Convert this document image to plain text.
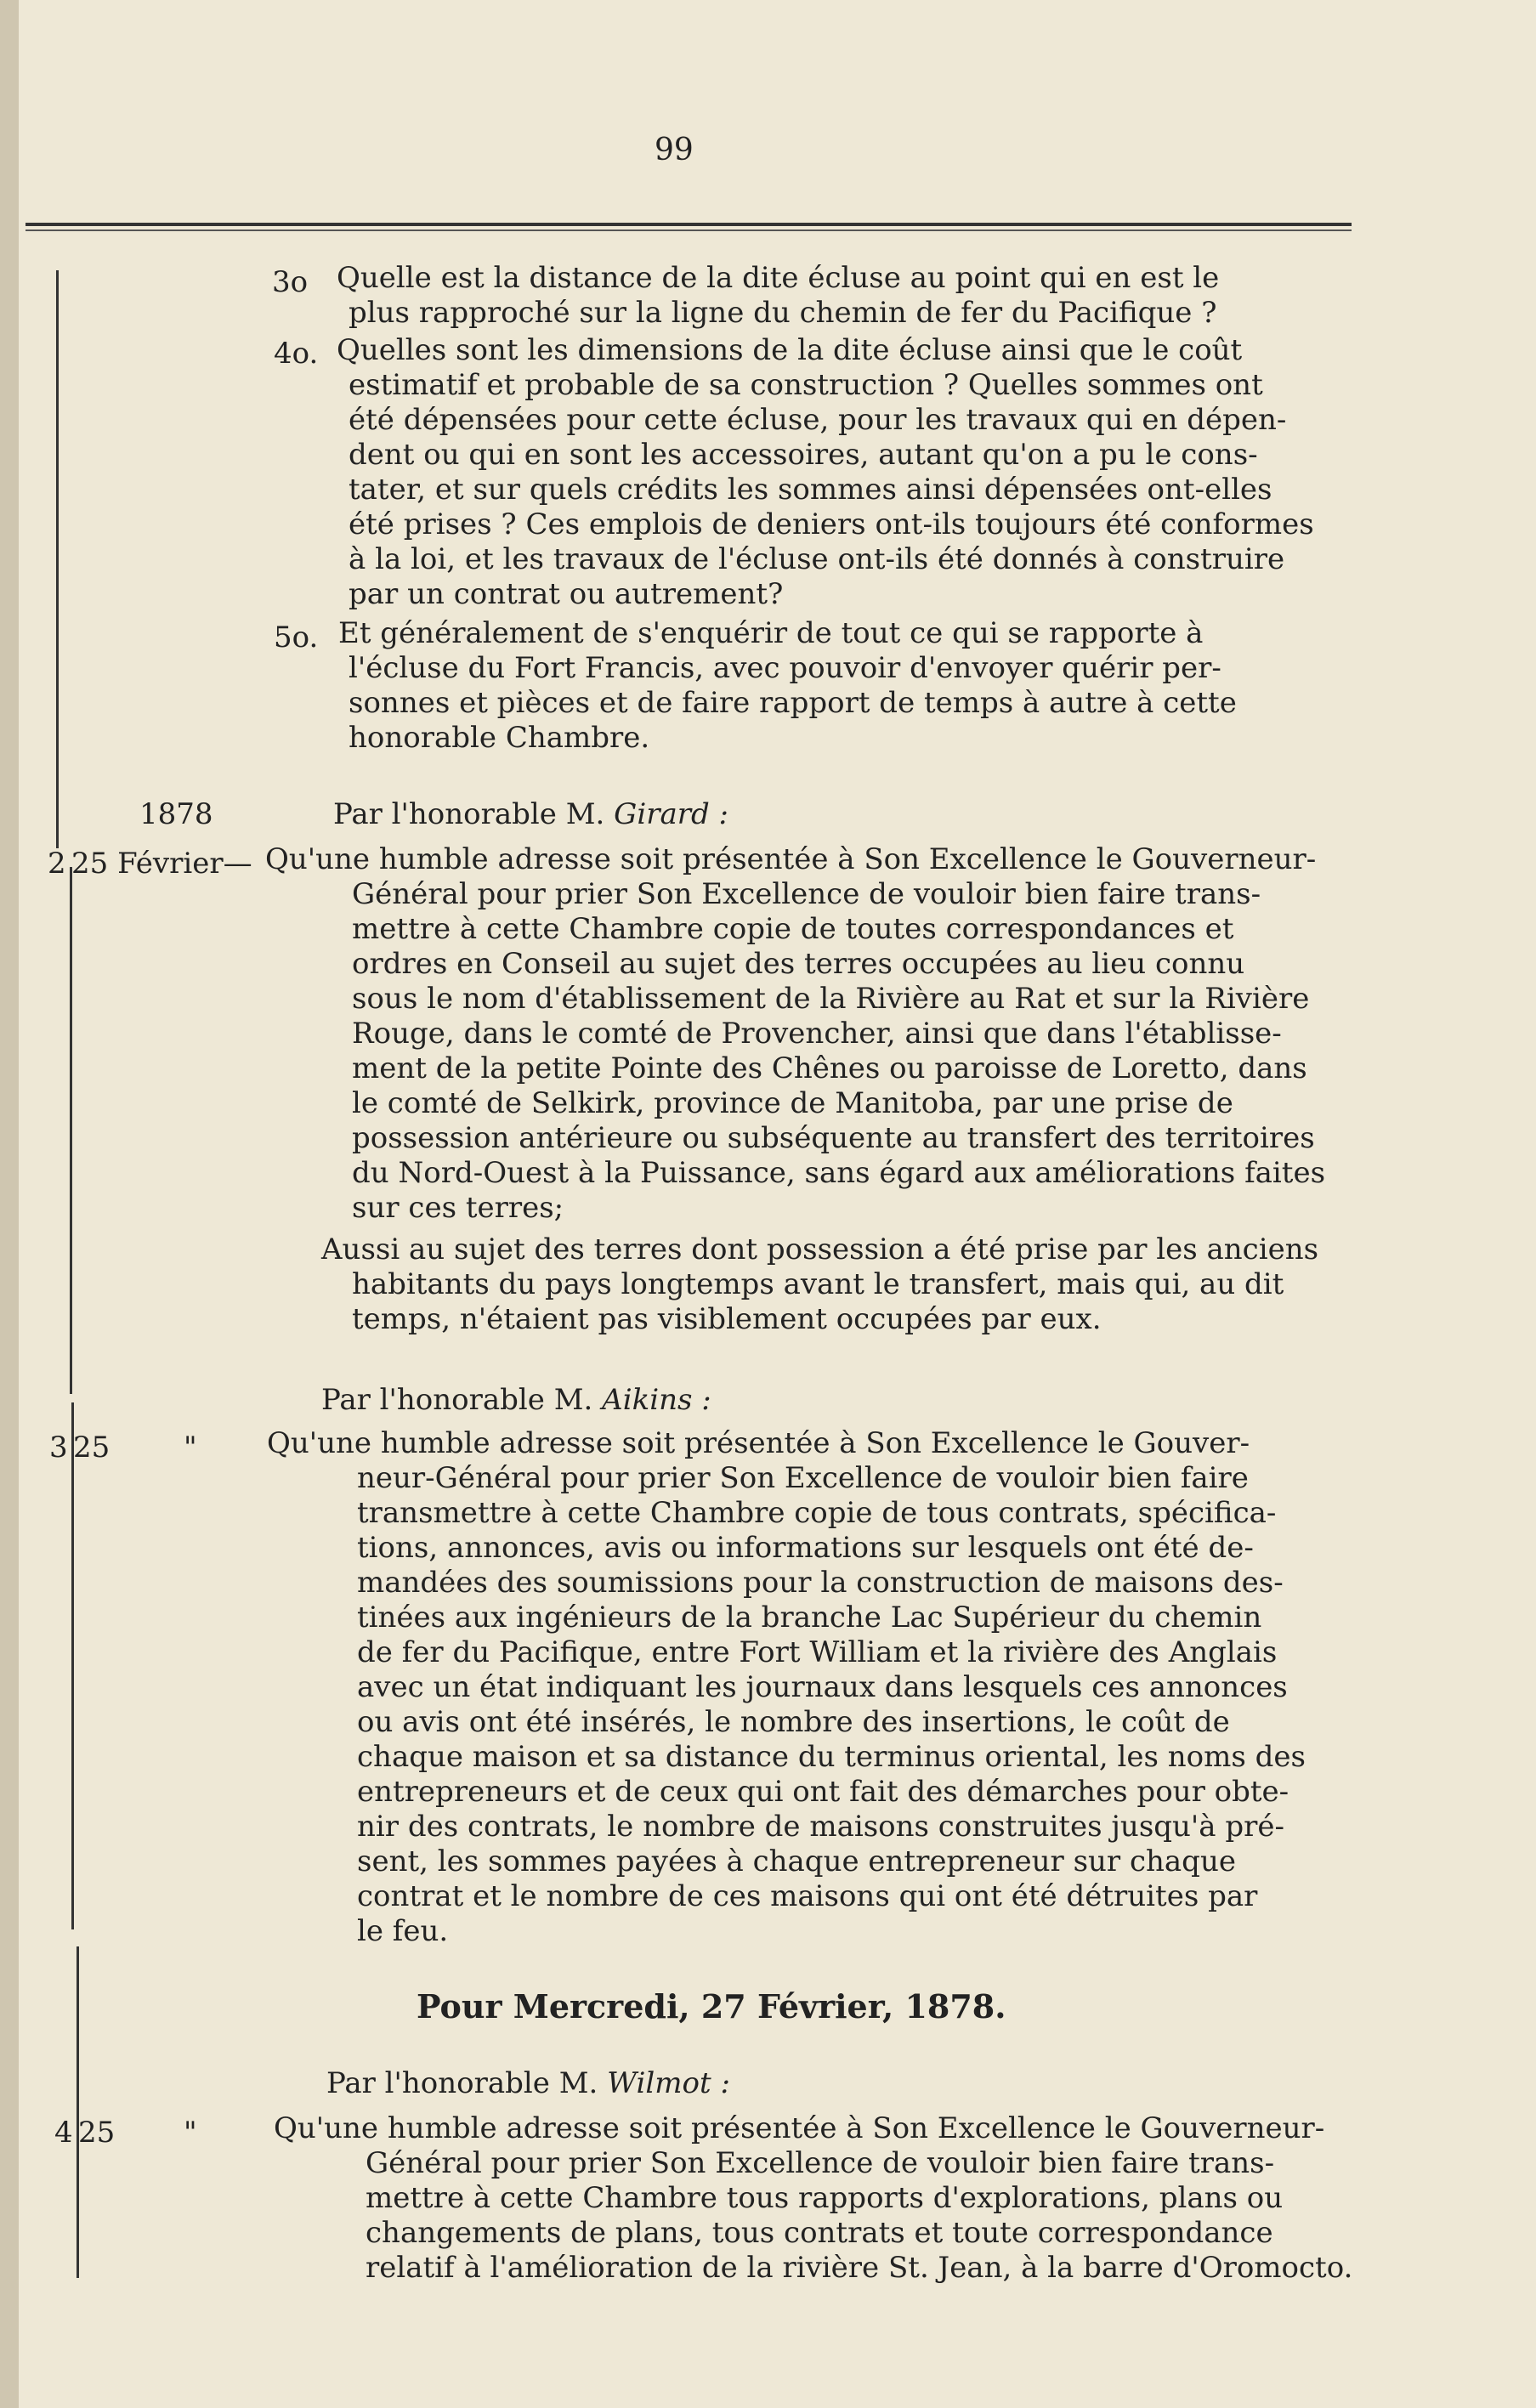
99
3o Quelle est la distance de la dite écluse au point qui en est le
plus rapproché sur la ligne du chemin de fer du Pacifique ?
4o. Quelles sont les dimensions de la dite écluse ainsi que le coût
estimatif et probable de sa construction ? Quelles sommes ont
été dépensées pour cette écluse, pour les travaux qui en dépen-
dent ou qui en sont les accessoires, autant qu'on a pu le cons-
tater, et sur quels crédits les sommes ainsi dépensées ont-elles
été prises ? Ces emplois de deniers ont-ils toujours été conformes
à la loi, et les travaux de l'écluse ont-ils été donnés à construire
par un contrat ou autrement?
5o. Et généralement de s'enquérir de tout ce qui se rapporte à
l'écluse du Fort Francis, avec pouvoir d'envoyer quérir per-
sonnes et pièces et de faire rapport de temps à autre à cette
honorable Chambre.
1878	Par l'honorable M. Girard :
2 25 Février— Qu'une humble adresse soit présentée à Son Excellence le Gouverneur-
Général pour prier Son Excellence de vouloir bien faire trans-
mettre à cette Chambre copie de toutes correspondances et
ordres en Conseil au sujet des terres occupées au lieu connu
sous le nom d'établissement de la Rivière au Rat et sur la Rivière
Rouge, dans le comté de Provencher, ainsi que dans l'établisse-
ment de la petite Pointe des Chênes ou paroisse de Loretto, dans
le comté de Selkirk, province de Manitoba, par une prise de
possession antérieure ou subséquente au transfert des territoires
du Nord-Ouest à la Puissance, sans égard aux améliorations faites
sur ces terres;
Aussi au sujet des terres dont possession a été prise par les anciens
habitants du pays longtemps avant le transfert, mais qui, au dit
temps, n'étaient pas visiblement occupées par eux.
Par l'honorable M. Aikins :
3 25	" Qu'une humble adresse soit présentée à Son Excellence le Gouver-
neur-Général pour prier Son Excellence de vouloir bien faire
transmettre à cette Chambre copie de tous contrats, spécifica-
tions, annonces, avis ou informations sur lesquels ont été de-
mandées des soumissions pour la construction de maisons des-
tinées aux ingénieurs de la branche Lac Supérieur du chemin
de fer du Pacifique, entre Fort William et la rivière des Anglais
avec un état indiquant les journaux dans lesquels ces annonces
ou avis ont été insérés, le nombre des insertions, le coût de
chaque maison et sa distance du terminus oriental, les noms des
entrepreneurs et de ceux qui ont fait des démarches pour obte-
nir des contrats, le nombre de maisons construites jusqu'à pré-
sent, les sommes payées à chaque entrepreneur sur chaque
contrat et le nombre de ces maisons qui ont été détruites par
le feu.
Pour Mercredi, 27 Février, 1878.
Par l'honorable M. Wilmot :
4 25 "	Qu'une humble adresse soit présentée à Son Excellence le Gouverneur-
Général pour prier Son Excellence de vouloir bien faire trans-
mettre à cette Chambre tous rapports d'explorations, plans ou
changements de plans, tous contrats et toute correspondance
relatif à l'amélioration de la rivière St. Jean, à la barre d'Oromocto.
